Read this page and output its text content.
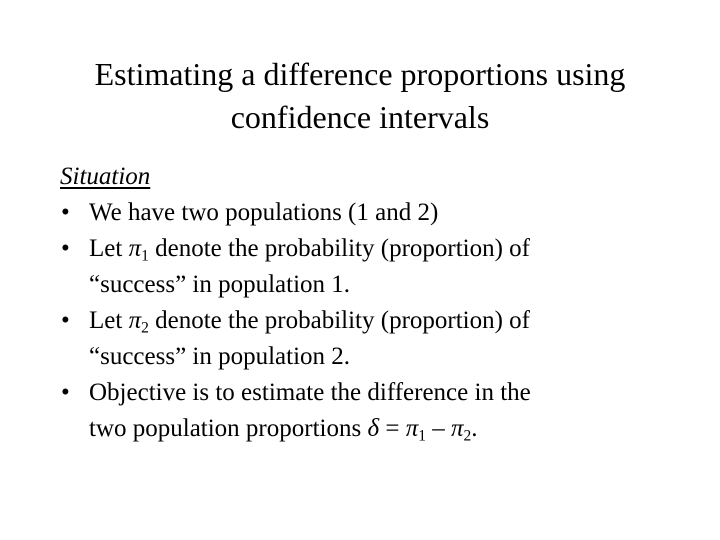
Estimating a difference proportions using
confidence intervals
Situation
• We have two populations (1 and 2)
• Let $\pi_1$ denote the probability (proportion) of
“success” in population 1.
• Let $\pi_2$ denote the probability (proportion) of
“success” in population 2.
• Objective is to estimate the difference in the
two population proportions $\delta = \pi_1 - \pi_2$.
